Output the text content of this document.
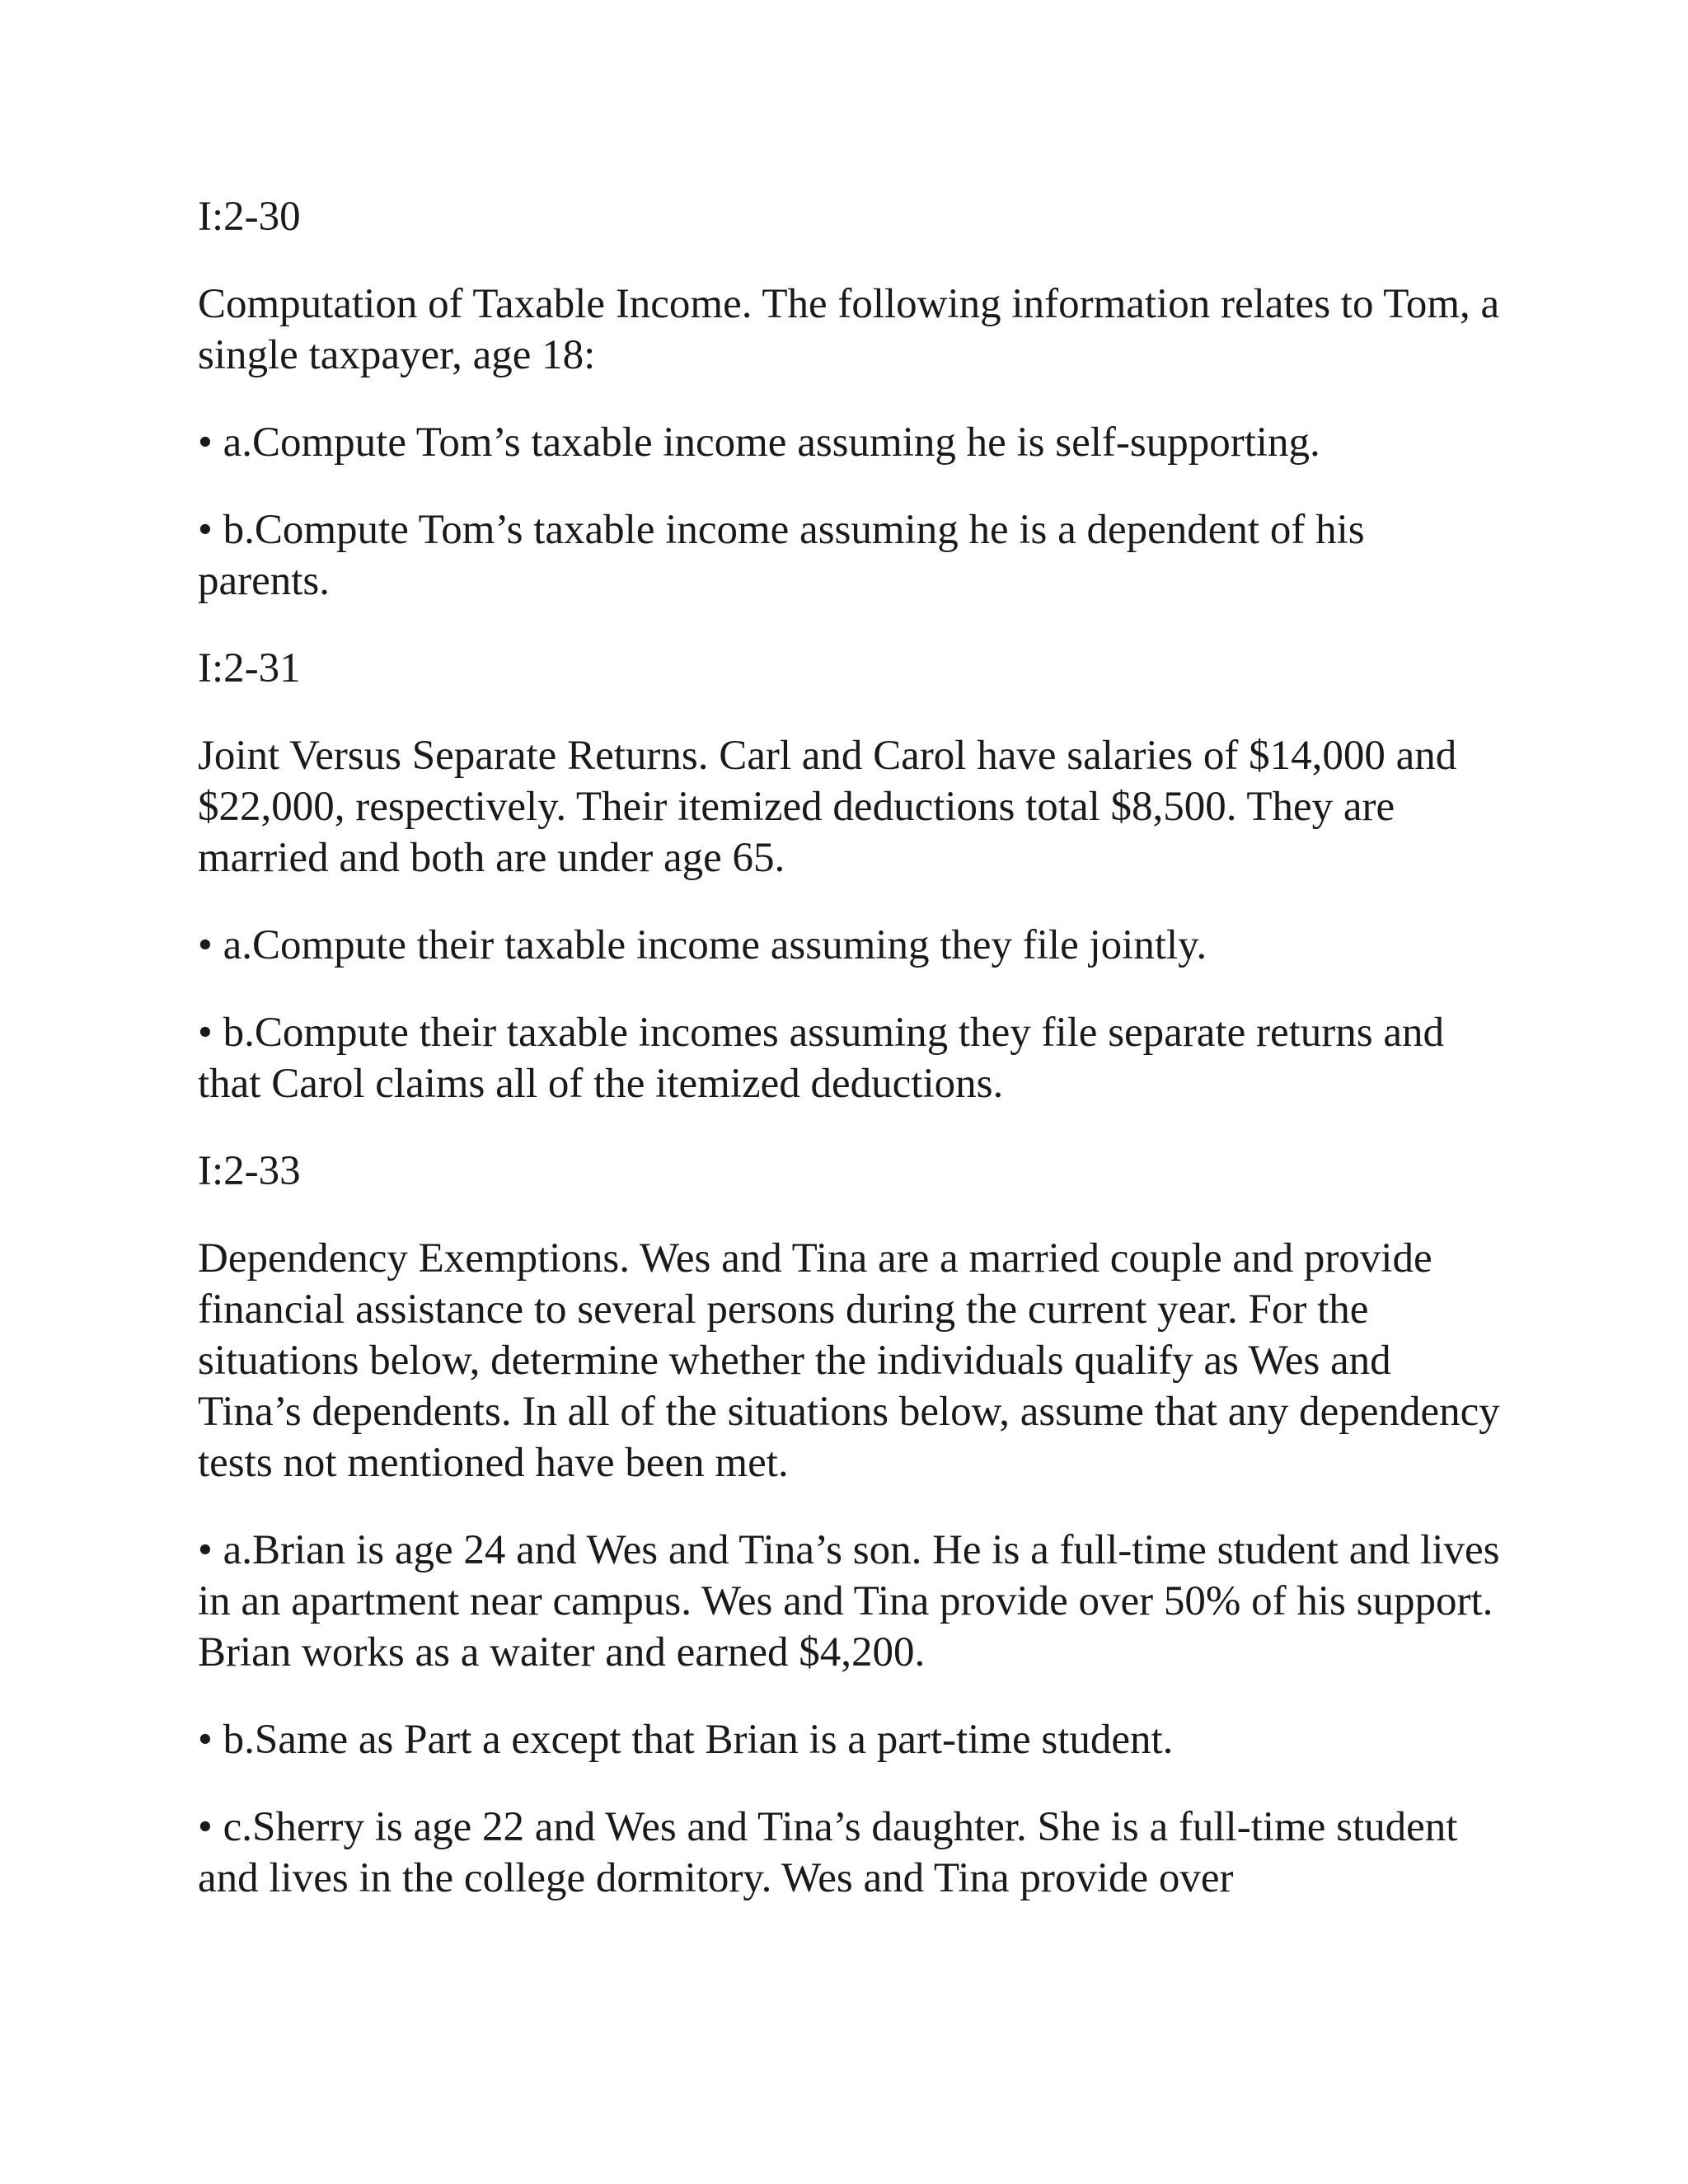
I:2-30
Computation of Taxable Income. The following information relates to Tom, a single taxpayer, age 18:
• a.Compute Tom’s taxable income assuming he is self-supporting.
• b.Compute Tom’s taxable income assuming he is a dependent of his parents.
I:2-31
Joint Versus Separate Returns. Carl and Carol have salaries of $14,000 and $22,000, respectively. Their itemized deductions total $8,500. They are married and both are under age 65.
• a.Compute their taxable income assuming they file jointly.
• b.Compute their taxable incomes assuming they file separate returns and that Carol claims all of the itemized deductions.
I:2-33
Dependency Exemptions. Wes and Tina are a married couple and provide financial assistance to several persons during the current year. For the situations below, determine whether the individuals qualify as Wes and Tina’s dependents. In all of the situations below, assume that any dependency tests not mentioned have been met.
• a.Brian is age 24 and Wes and Tina’s son. He is a full-time student and lives in an apartment near campus. Wes and Tina provide over 50% of his support. Brian works as a waiter and earned $4,200.
• b.Same as Part a except that Brian is a part-time student.
• c.Sherry is age 22 and Wes and Tina’s daughter. She is a full-time student and lives in the college dormitory. Wes and Tina provide over
